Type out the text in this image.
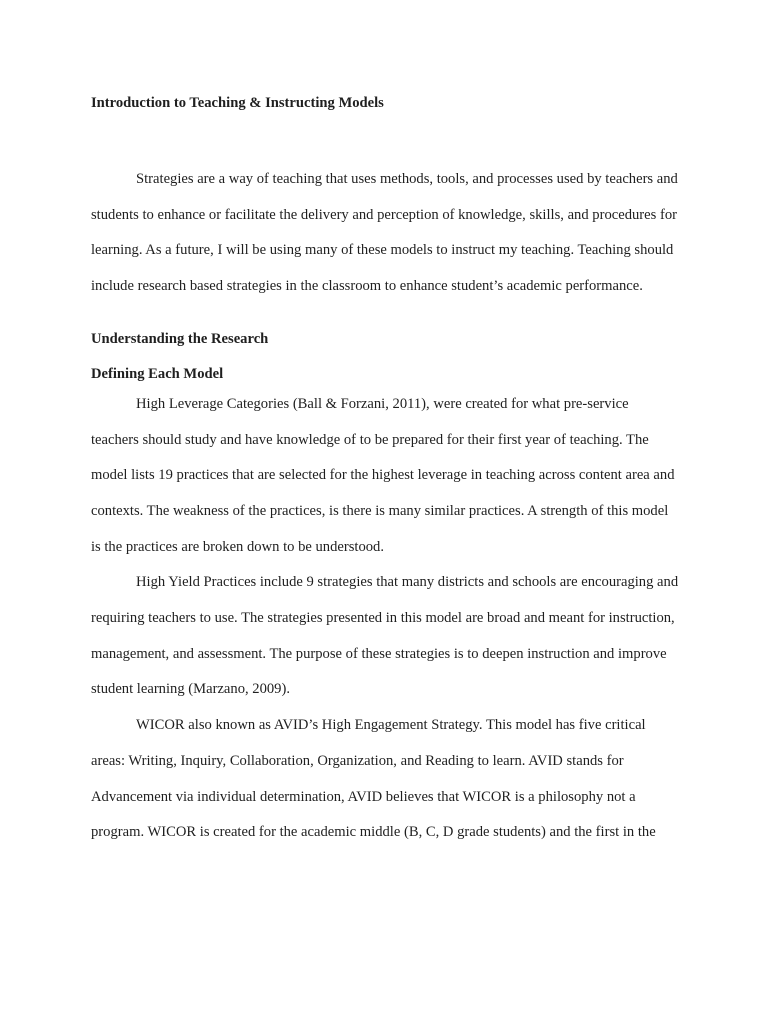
Introduction to Teaching & Instructing Models

Strategies are a way of teaching that uses methods, tools, and processes used by teachers and students to enhance or facilitate the delivery and perception of knowledge, skills, and procedures for learning. As a future, I will be using many of these models to instruct my teaching. Teaching should include research based strategies in the classroom to enhance student’s academic performance.

Understanding the Research

Defining Each Model

High Leverage Categories (Ball & Forzani, 2011), were created for what pre-service teachers should study and have knowledge of to be prepared for their first year of teaching. The model lists 19 practices that are selected for the highest leverage in teaching across content area and contexts. The weakness of the practices, is there is many similar practices. A strength of this model is the practices are broken down to be understood.

High Yield Practices include 9 strategies that many districts and schools are encouraging and requiring teachers to use. The strategies presented in this model are broad and meant for instruction, management, and assessment. The purpose of these strategies is to deepen instruction and improve student learning (Marzano, 2009).

WICOR also known as AVID’s High Engagement Strategy. This model has five critical areas: Writing, Inquiry, Collaboration, Organization, and Reading to learn. AVID stands for Advancement via individual determination, AVID believes that WICOR is a philosophy not a program. WICOR is created for the academic middle (B, C, D grade students) and the first in the
